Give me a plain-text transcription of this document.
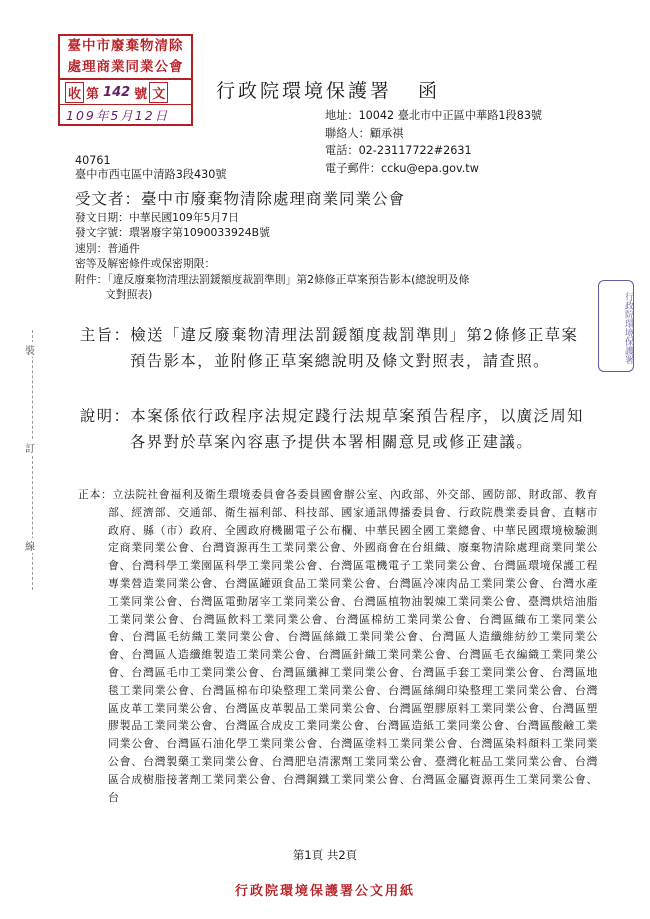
臺中市廢棄物清除
處理商業同業公會
收 第 142 號 文
109年5月12日
行政院環境保護署 函
地址：10042 臺北市中正區中華路1段83號
聯絡人：顧承祺
電話：02-23117722#2631
電子郵件：ccku@epa.gov.tw
40761
臺中市西屯區中清路3段430號
受文者：臺中市廢棄物清除處理商業同業公會
發文日期：中華民國109年5月7日
發文字號：環署廢字第1090033924B號
速別：普通件
密等及解密條件或保密期限：
附件：「違反廢棄物清理法罰鍰額度裁罰準則」第2條修正草案預告影本(總說明及條
文對照表)
主旨： 檢送「違反廢棄物清理法罰鍰額度裁罰準則」第2條修正草案預告影本，並附修正草案總說明及條文對照表，請查照。
說明： 本案係依行政程序法規定踐行法規草案預告程序，以廣泛周知各界對於草案內容惠予提供本署相關意見或修正建議。
正本： 立法院社會福利及衛生環境委員會各委員國會辦公室、內政部、外交部、國防部、財政部、教育部、經濟部、交通部、衛生福利部、科技部、國家通訊傳播委員會、行政院農業委員會、直轄市政府、縣（市）政府、全國政府機關電子公布欄、中華民國全國工業總會、中華民國環境檢驗測定商業同業公會、台灣資源再生工業同業公會、外國商會在台組織、廢棄物清除處理商業同業公會、台灣科學工業園區科學工業同業公會、台灣區電機電子工業同業公會、台灣區環境保護工程專業營造業同業公會、台灣區罐頭食品工業同業公會、台灣區冷凍肉品工業同業公會、台灣水產工業同業公會、台灣區電動屠宰工業同業公會、台灣區植物油製煉工業同業公會、臺灣烘焙油脂工業同業公會、台灣區飲料工業同業公會、台灣區棉紡工業同業公會、台灣區織布工業同業公會、台灣區毛紡織工業同業公會、台灣區絲織工業同業公會、台灣區人造纖維紡紗工業同業公會、台灣區人造纖維製造工業同業公會、台灣區針織工業同業公會、台灣區毛衣編織工業同業公會、台灣區毛巾工業同業公會、台灣區纖褲工業同業公會、台灣區手套工業同業公會、台灣區地毯工業同業公會、台灣區棉布印染整理工業同業公會、台灣區絲綢印染整理工業同業公會、台灣區皮革工業同業公會、台灣區皮革製品工業同業公會、台灣區塑膠原料工業同業公會、台灣區塑膠製品工業同業公會、台灣區合成皮工業同業公會、台灣區造紙工業同業公會、台灣區酸鹼工業同業公會、台灣區石油化學工業同業公會、台灣區塗料工業同業公會、台灣區染料顏料工業同業公會、台灣製藥工業同業公會、台灣肥皂清潔劑工業同業公會、臺灣化粧品工業同業公會、台灣區合成樹脂接著劑工業同業公會、台灣鋼鐵工業同業公會、台灣區金屬資源再生工業同業公會、台
裝
訂
線
行政院環境保護署
第1頁 共2頁
行政院環境保護署公文用紙
